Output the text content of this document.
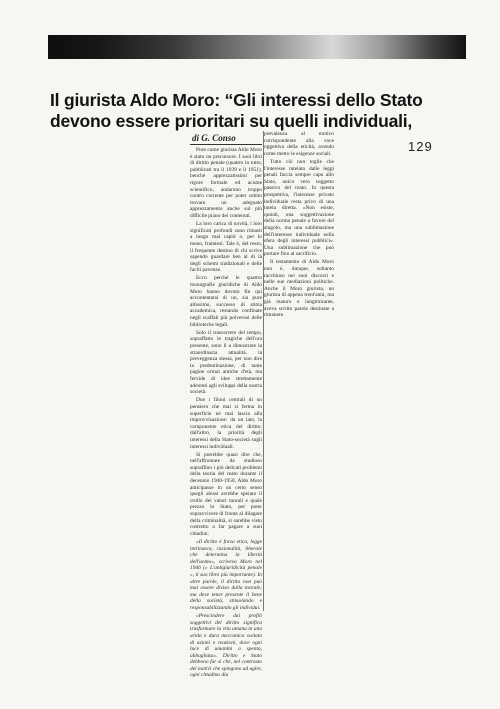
Il giurista Aldo Moro: “Gli interessi dello Stato
devono essere prioritari su quelli individuali,
129
di G. Conso

Pure come giurista Aldo Moro è stato un precursore. I suoi libri di diritto penale (quattro in tutto, pubblicati tra il 1939 e il 1951), benché apprezzatissimi per rigore formale ed acume scientifico, andarono troppo contro corrente per poter subito trovare un adeguato apprezzamento anche sul più difficile piano dei contenuti.

La loro carica di novità, i loro significati profondi sono rimasti a lungo mal capiti o, per lo meno, fraintesi. Tale è, del resto, il frequente destino di chi scrive sapendo guardare ben al di là degli schemi tradizionali e delle facili pavenze.

Ecco perché le quattro monografie giuridiche di Aldo Moro hanno dovuto fin qui accontentarsi di un, sia pure altissimo, successo di stima accademica, restando confinate negli scaffali più polverosi delle biblioteche legali.

Solo il trascorrere del tempo, sopraffatto le tragiche dell'ora presente, sono lì a dimostrare la straordinaria attualità, la preveggenza stessa, per non dire la predestinazione, di tante pagine ormai antiche d'età, ma fervide di idee strettamente aderenti agli sviluppi della nostra società.

Due i filoni centrali di un pensiero che mai si ferma in superficie né mai lascia alla improvvisazione: da un lato, la componente etica del diritto; dall'altro, la priorità degli interessi della Stato-società sugli interessi individuali.

Si potrebbe quasi dire che, nell'affrontare da studioso sopraffino i più delicati problemi della teoria del reato durante il decennio 1940-1950, Aldo Moro anticipasse in un certo senso quegli abissi avrebbe sperato il crollo dei valori morali e quale prezzo lo Stato, per poter sopravvivere di fronte al dilagare della criminalità, si sarebbe visto costretto a far pagare a suoi cittadini.

«Il diritto è forza etica, legge intrinseca, razionalità, liberale che determina la libertà dell'uomo», scriveva Moro nel 1946 (« L'antigiuridicità penale », il suo libro più importante). In altre parole, il diritto non può mai essere diviso dalla morale; ma deve tener presente il bene della società, stimolando e responsabilizzando gli individui.

«Prescindere dai profili soggettivi del diritto significa trasformare la vita umana in una arida e dura meccanica svelata di azioni e reazioni, dove ogni luce di umanità a spenta, abbagliata». Diritto e Stato debbono far sì che, nel contrasto dei motivi che spingono ad agire, ogni cittadino dia

prevalenza al motivo corrispondente alla voce oggettiva della eticità, avendo come metro le esigenze sociali.

Tutto ciò non toglie che l'interesse tutelato dalle leggi penali faccia sempre capo allo Stato, unico vero soggetto passivo del reato. In questa prospettiva, l'interesse privato individuale resta privo di una tutela diretta. «Non esiste, quindi, una soggettivazione della norma penale a favore del singolo, ma una sublimazione dell'interesse individuale nella sfera degli interessi pubblici». Una sublimazione che può portare fino al sacrificio.

Il testamento di Aldo Moro non è, dunque, soltanto racchiuso nei suoi discorsi e nelle sue mediazioni politiche. Anche il Moro giurista, un giurista di appena trent'anni, ma già maturo e lungimirante, aveva scritto parole destinate a rimanere.
